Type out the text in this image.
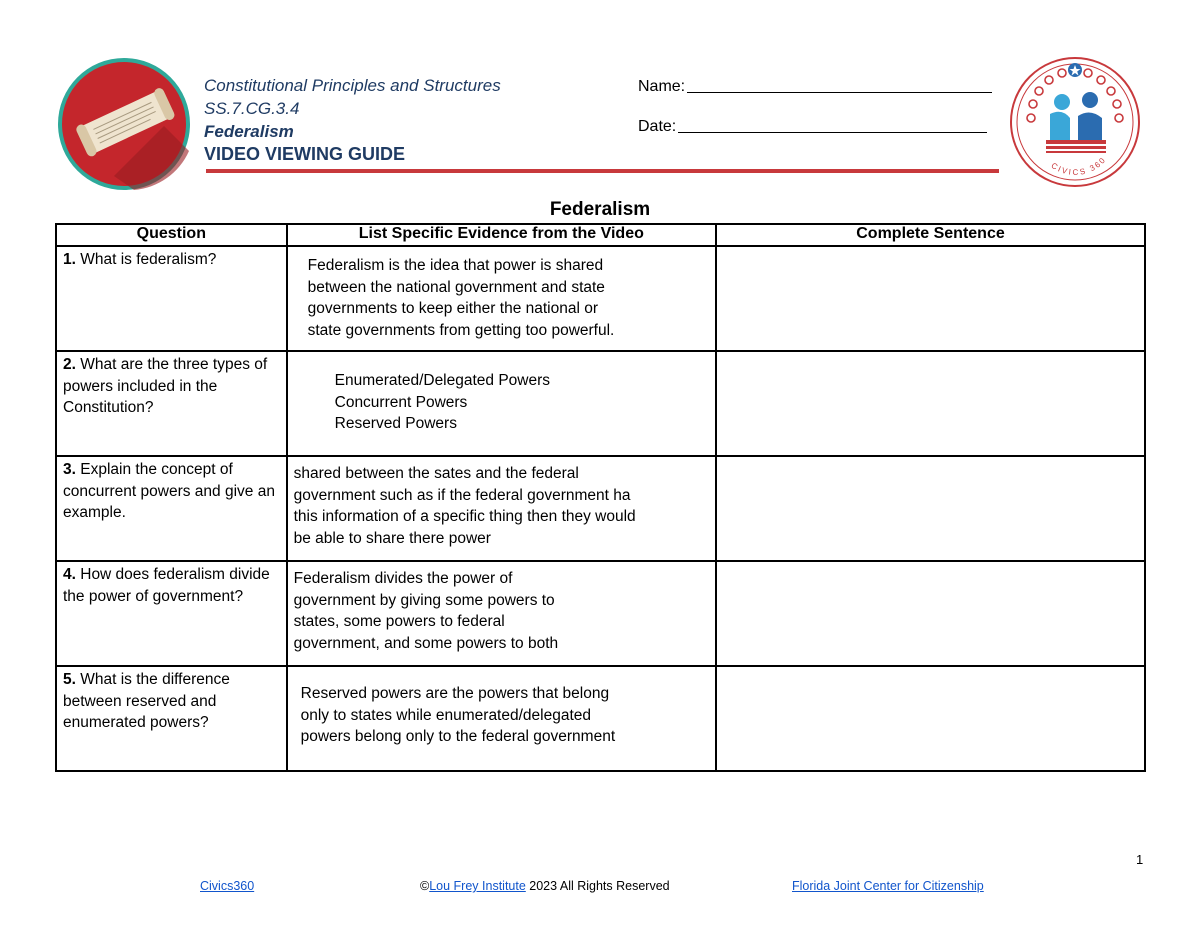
Constitutional Principles and Structures
SS.7.CG.3.4
Federalism
VIDEO VIEWING GUIDE
Name:
Date:
CIVICS 360
Federalism
Question	List Specific Evidence from the Video	Complete Sentence
1. What is federalism?	Federalism is the idea that power is shared
between the national government and state
governments to keep either the national or
state governments from getting too powerful.	

2. What are the three types of powers included in the Constitution?	Enumerated/Delegated Powers
Concurrent Powers
Reserved Powers	

3. Explain the concept of concurrent powers and give an example.	shared between the sates and the federal
government such as if the federal government ha
this information of a specific thing then they would
be able to share there power	

4. How does federalism divide the power of government?	Federalism divides the power of
government by giving some powers to
states, some powers to federal
government, and some powers to both	

5. What is the difference between reserved and enumerated powers?	Reserved powers are the powers that belong
only to states while enumerated/delegated
powers belong only to the federal government	

1
Civics360	©Lou Frey Institute 2023 All Rights Reserved	Florida Joint Center for Citizenship
